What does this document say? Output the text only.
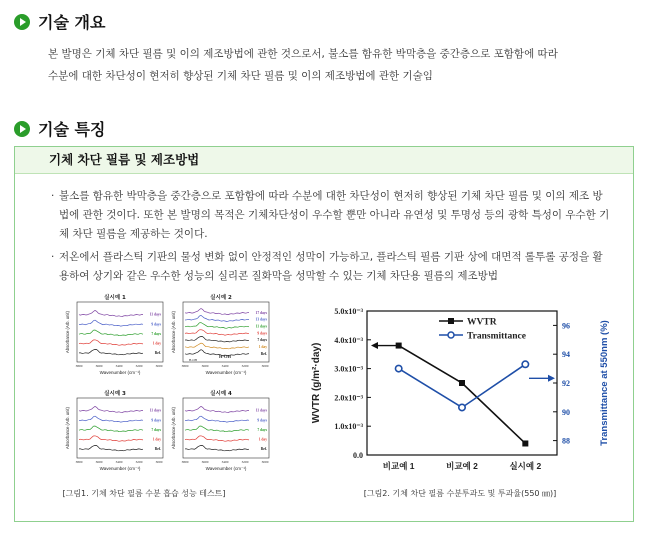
기술 개요

본 발명은 기체 차단 필름 및 이의 제조방법에 관한 것으로서, 불소를 함유한 박막층을 중간층으로 포함함에 따라

수분에 대한 차단성이 현저히 향상된 기체 차단 필름 및 이의 제조방법에 관한 기술임

기술 특징
기체 차단 필름 및 제조방법

· 불소를 함유한 박막층을 중간층으로 포함함에 따라 수분에 대한 차단성이 현저히 향상된 기체 차단 필름 및 이의 제조 방법에 관한 것이다. 또한 본 발명의 목적은 기체차단성이 우수할 뿐만 아니라 유연성 및 투명성 등의 광학 특성이 우수한 기체 차단 필름을 제공하는 것이다.

· 저온에서 플라스틱 기판의 물성 변화 없이 안정적인 성막이 가능하고, 플라스틱 필름 기판 상에 대면적 롤투롤 공정을 활용하여 상기와 같은 우수한 성능의 실리콘 질화막을 성막할 수 있는 기체 차단용 필름의 제조방법

실시예 1
11 days
9 days
7 days
1 day
Ref.
3800	3600	3400	3200	3000
Wavenumber (cm⁻¹)
Absorbance (Arb. unit)
실시예 2
17 days
13 days
11 days
9 days
7 days
1 day
Ref.
H-OH
H-OH
3800	3600	3400	3200	3000
Wavenumber (cm⁻¹)
Absorbance (Arb. unit)
실시예 3
11 days
9 days
7 days
1 day
Ref.
3800	3600	3400	3200	3000
Wavenumber (cm⁻¹)
Absorbance (Arb. unit)
실시예 4
11 days
9 days
7 days
1 day
Ref.
3800	3600	3400	3200	3000
Wavenumber (cm⁻¹)
Absorbance (Arb. unit)
[그림1. 기체 차단 필름 수분 흡습 성능 테스트]
0.0
1.0x10⁻³
2.0x10⁻³
3.0x10⁻³
4.0x10⁻³
5.0x10⁻³
88
90
92
94
96
비교예 1	비교예 2	실시예 2
WVTR (g/m²·day)	Transmittance at 550nm (%)
WVTR
Transmittance
[그림2. 기체 차단 필름 수분투과도 및 투과율(550 ㎚)]
